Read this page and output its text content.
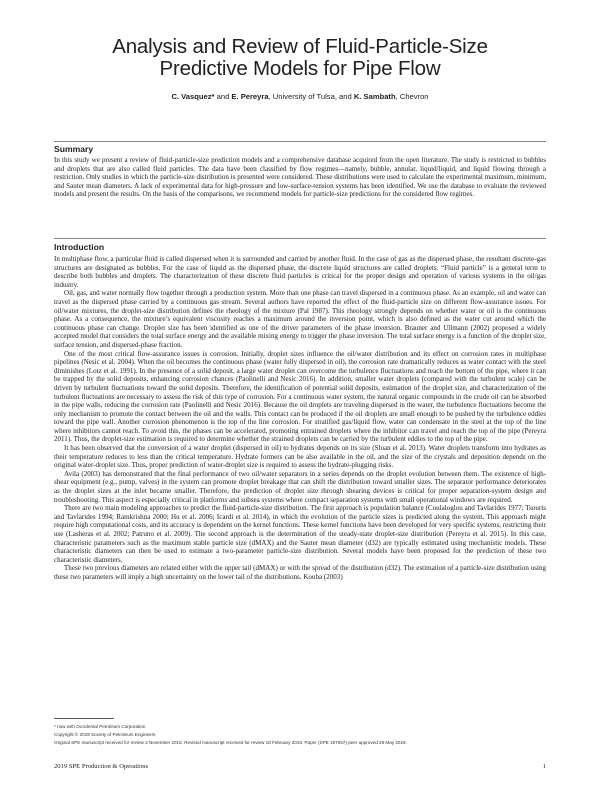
Analysis and Review of Fluid-Particle-Size
Predictive Models for Pipe Flow
C. Vasquez* and E. Pereyra, University of Tulsa, and K. Sambath, Chevron
Summary

In this study we present a review of fluid-particle-size prediction models and a comprehensive database acquired from the open literature. The study is restricted to bubbles and droplets that are also called fluid particles. The data have been classified by flow regimes—namely, bubble, annular, liquid/liquid, and liquid flowing through a restriction. Only studies in which the particle-size distribution is presented were considered. These distributions were used to calculate the experimental maximum, minimum, and Sauter mean diameters. A lack of experimental data for high-pressure and low-surface-tension systems has been identified. We use the database to evaluate the reviewed models and present the results. On the basis of the comparisons, we recommend models for particle-size predictions for the considered flow regimes.

Introduction

In multiphase flow, a particular fluid is called dispersed when it is surrounded and carried by another fluid. In the case of gas as the dispersed phase, the resultant discrete-gas structures are designated as bubbles. For the case of liquid as the dispersed phase, the discrete liquid structures are called droplets. “Fluid particle” is a general term to describe both bubbles and droplets. The characterization of these discrete fluid particles is critical for the proper design and operation of various systems in the oil/gas industry.

Oil, gas, and water normally flow together through a production system. More than one phase can travel dispersed in a continuous phase. As an example, oil and water can travel as the dispersed phase carried by a continuous gas stream. Several authors have reported the effect of the fluid-particle size on different flow-assurance issues. For oil/water mixtures, the droplet-size distribution defines the rheology of the mixture (Pal 1987). This rheology strongly depends on whether water or oil is the continuous phase. As a consequence, the mixture’s equivalent viscosity reaches a maximum around the inversion point, which is also defined as the water cut around which the continuous phase can change. Droplet size has been identified as one of the driver parameters of the phase inversion. Brauner and Ullmann (2002) proposed a widely accepted model that considers the total surface energy and the available mixing energy to trigger the phase inversion. The total surface energy is a function of the droplet size, surface tension, and dispersed-phase fraction.

One of the most critical flow-assurance issues is corrosion. Initially, droplet sizes influence the oil/water distribution and its effect on corrosion rates in multiphase pipelines (Nesic et al. 2004). When the oil becomes the continuous phase (water fully dispersed in oil), the corrosion rate dramatically reduces as water contact with the steel diminishes (Lotz et al. 1991). In the presence of a solid deposit, a large water droplet can overcome the turbulence fluctuations and reach the bottom of the pipe, where it can be trapped by the solid deposits, enhancing corrosion chances (Paolinelli and Nesic 2016). In addition, smaller water droplets (compared with the turbulent scale) can be driven by turbulent fluctuations toward the solid deposits. Therefore, the identification of potential solid deposits, estimation of the droplet size, and characterization of the turbulent fluctuations are necessary to assess the risk of this type of corrosion. For a continuous water system, the natural organic compounds in the crude oil can be absorbed in the pipe walls, reducing the corrosion rate (Paolinelli and Nesic 2016). Because the oil droplets are traveling dispersed in the water, the turbulence fluctuations become the only mechanism to promote the contact between the oil and the walls. This contact can be produced if the oil droplets are small enough to be pushed by the turbulence eddies toward the pipe wall. Another corrosion phenomenon is the top of the line corrosion. For stratified gas/liquid flow, water can condensate in the steel at the top of the line where inhibitors cannot reach. To avoid this, the phases can be accelerated, promoting entrained droplets where the inhibitor can travel and reach the top of the pipe (Pereyra 2011). Thus, the droplet-size estimation is required to determine whether the strained droplets can be carried by the turbulent eddies to the top of the pipe.

It has been observed that the conversion of a water droplet (dispersed in oil) to hydrates depends on its size (Sloan et al. 2013). Water droplets transform into hydrates as their temperature reduces to less than the critical temperature. Hydrate formers can be also available in the oil, and the size of the crystals and deposition depends on the original water-droplet size. Thus, proper prediction of water-droplet size is required to assess the hydrate-plugging risks.

Avila (2003) has demonstrated that the final performance of two oil/water separators in a series depends on the droplet evolution between them. The existence of high-shear equipment (e.g., pump, valves) in the system can promote droplet breakage that can shift the distribution toward smaller sizes. The separator performance deteriorates as the droplet sizes at the inlet became smaller. Therefore, the prediction of droplet size through shearing devices is critical for proper separation-system design and troubleshooting. This aspect is especially critical in platforms and subsea systems where compact separation systems with small operational windows are required.

There are two main modeling approaches to predict the fluid-particle-size distribution. The first approach is population balance (Coulaloglou and Tavlarides 1977; Tsouris and Tavlarides 1994; Ramkrishna 2000; Hu et al. 2006; Icardi et al. 2014), in which the evolution of the particle sizes is predicted along the system. This approach might require high computational costs, and its accuracy is dependent on the kernel functions. These kernel functions have been developed for very specific systems, restricting their use (Lasheras et al. 2002; Patruno et al. 2009). The second approach is the determination of the steady-state droplet-size distribution (Pereyra et al. 2015). In this case, characteristic parameters such as the maximum stable particle size (dMAX) and the Sauter mean diameter (d32) are typically estimated using mechanistic models. These characteristic diameters can then be used to estimate a two-parameter particle-size distribution. Several models have been proposed for the prediction of these two characteristic diameters.

These two previous diameters are related either with the upper tail (dMAX) or with the spread of the distribution (d32). The estimation of a particle-size distribution using these two parameters will imply a high uncertainty on the lower tail of the distributions. Kouba (2003)

* now with Occidental Petroleum Corporation
Copyright © 2019 Society of Petroleum Engineers
Original SPE manuscript received for review 2 November 2018. Revised manuscript received for review 18 February 2019. Paper (SPE 197057) peer approved 28 May 2019.
2019 SPE Production & Operations	1
